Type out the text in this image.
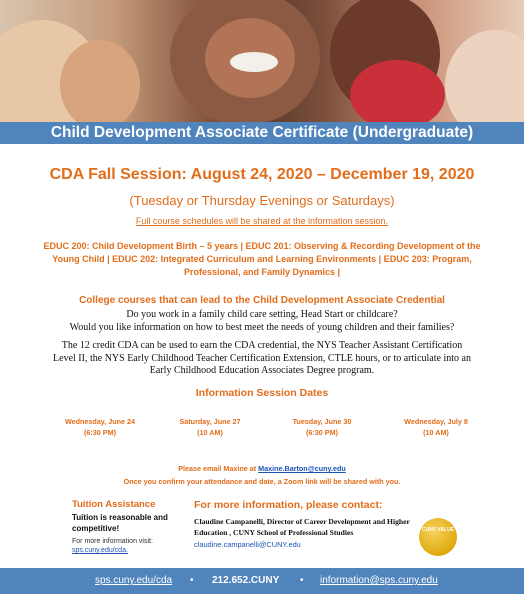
Child Development Associate Certificate (Undergraduate)
CDA Fall Session: August 24, 2020 – December 19, 2020
(Tuesday or Thursday Evenings or Saturdays)
Full course schedules will be shared at the information session.
EDUC 200: Child Development Birth – 5 years | EDUC 201: Observing & Recording Development of the Young Child | EDUC 202: Integrated Curriculum and Learning Environments | EDUC 203: Program, Professional, and Family Dynamics |
College courses that can lead to the Child Development Associate Credential
Do you work in a family child care setting, Head Start or childcare?
Would you like information on how to best meet the needs of young children and their families?
The 12 credit CDA can be used to earn the CDA credential, the NYS Teacher Assistant Certification Level II, the NYS Early Childhood Teacher Certification Extension, CTLE hours, or to articulate into an Early Childhood Education Associates Degree program.
Information Session Dates
Wednesday, June 24
(6:30 PM)
Saturday, June 27
(10 AM)
Tuesday, June 30
(6:30 PM)
Wednesday, July 8
(10 AM)
Please email Maxine at Maxine.Barton@cuny.edu
Once you confirm your attendance and date, a Zoom link will be shared with you.
Tuition Assistance
Tuition is reasonable and competitive!
For more information visit:
sps.cuny.edu/cda.
For more information, please contact:
Claudine Campanelli, Director of Career Development and Higher Education , CUNY School of Professional Studies
claudine.campanelli@CUNY.edu
CUNY VALUE
sps.cuny.edu/cda • 212.652.CUNY • information@sps.cuny.edu
